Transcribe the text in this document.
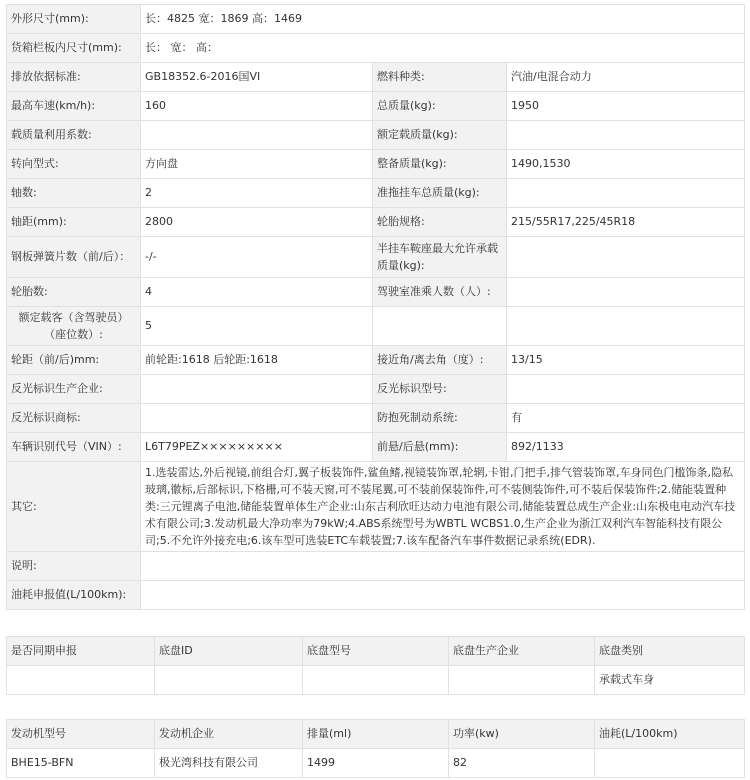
外形尺寸(mm):	长：4825 宽：1869 高：1469		
货箱栏板内尺寸(mm):	长： 宽： 高：		
排放依据标准:	GB18352.6-2016国VI	燃料种类:	汽油/电混合动力
最高车速(km/h):	160	总质量(kg):	1950
载质量利用系数:		额定载质量(kg):	
转向型式:	方向盘	整备质量(kg):	1490,1530
轴数:	2	准拖挂车总质量(kg):	
轴距(mm):	2800	轮胎规格:	215/55R17,225/45R18
钢板弹簧片数（前/后）：	-/-	半挂车鞍座最大允许承载质量(kg):	
轮胎数:	4	驾驶室准乘人数（人）:	
额定载客（含驾驶员）（座位数）:	5		
轮距（前/后)mm:	前轮距:1618 后轮距:1618	接近角/离去角（度）:	13/15
反光标识生产企业:		反光标识型号:	
反光标识商标:		防抱死制动系统:	有
车辆识别代号（VIN）:	L6T79PEZ×××××××××	前悬/后悬(mm):	892/1133
其它:	1.选装雷达,外后视镜,前组合灯,翼子板装饰件,鲨鱼鳍,视镜装饰罩,轮辋,卡钳,门把手,排气管装饰罩,车身同色门槛饰条,隐私玻璃,徽标,后部标识,下格栅,可不装天窗,可不装尾翼,可不装前保装饰件,可不装侧装饰件,可不装后保装饰件;2.储能装置种类:三元锂离子电池,储能装置单体生产企业:山东吉利欣旺达动力电池有限公司,储能装置总成生产企业:山东极电电动汽车技术有限公司;3.发动机最大净功率为79kW;4.ABS系统型号为WBTL WCBS1.0,生产企业为浙江双利汽车智能科技有限公司;5.不允许外接充电;6.该车型可选装ETC车载装置;7.该车配备汽车事件数据记录系统(EDR).		
说明:			
油耗申报值(L/100km):			
是否同期申报	底盘ID	底盘型号	底盘生产企业	底盘类别
				承载式车身
发动机型号	发动机企业	排量(ml)	功率(kw)	油耗(L/100km)
BHE15-BFN	极光湾科技有限公司	1499	82	
